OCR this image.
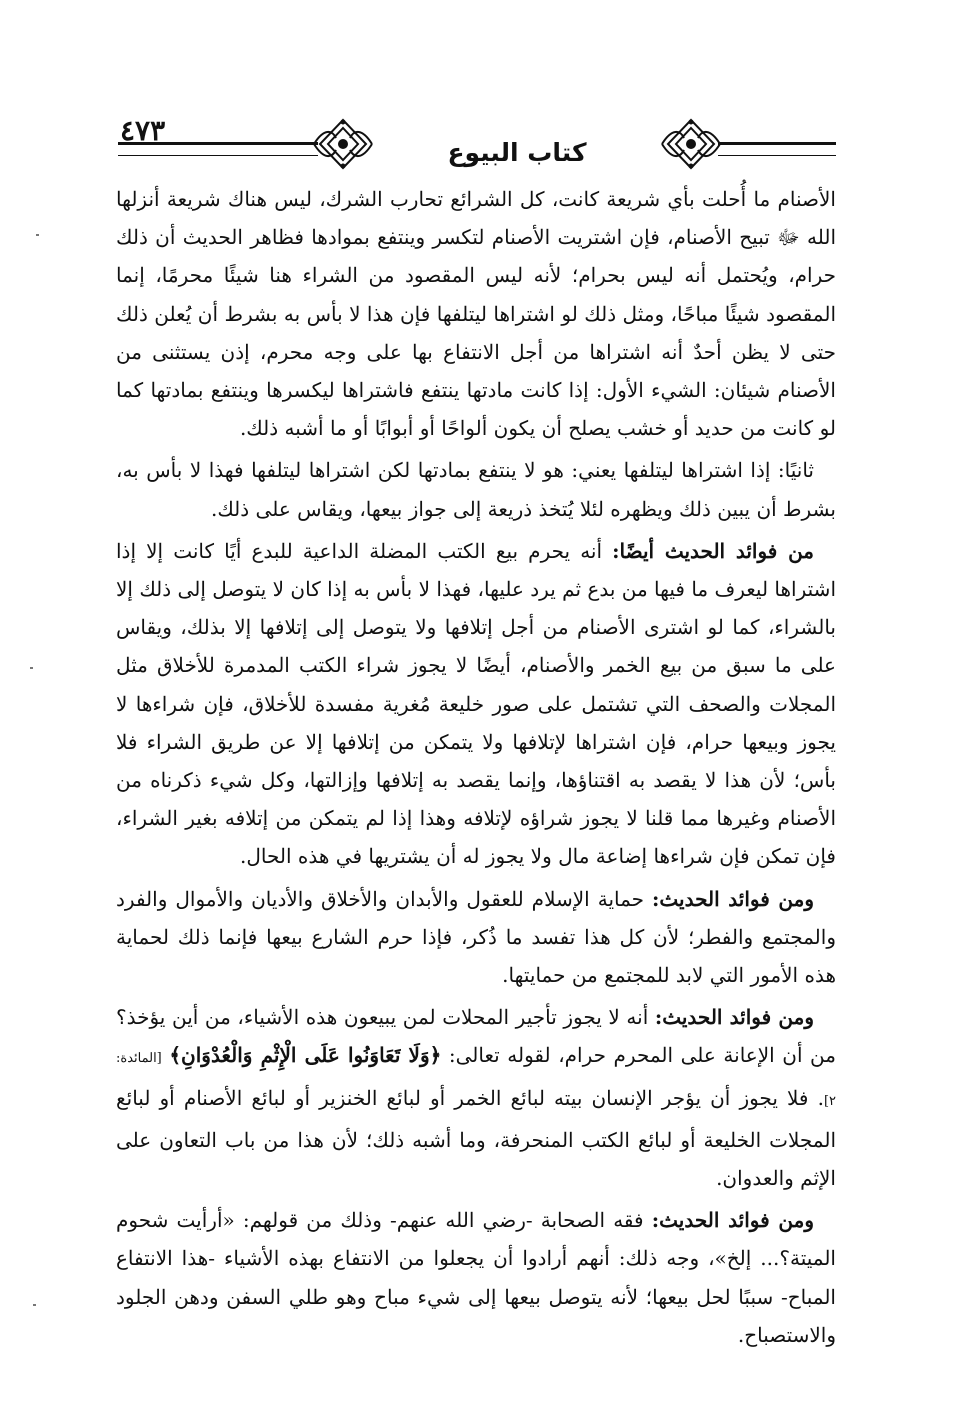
٤٧٣
كتاب البيوع

الأصنام ما أُحلت بأي شريعة كانت، كل الشرائع تحارب الشرك، ليس هناك شريعة أنزلها الله ﷻ تبيح الأصنام، فإن اشتريت الأصنام لتكسر وينتفع بموادها فظاهر الحديث أن ذلك حرام، ويُحتمل أنه ليس بحرام؛ لأنه ليس المقصود من الشراء هنا شيئًا محرمًا، إنما المقصود شيئًا مباحًا، ومثل ذلك لو اشتراها ليتلفها فإن هذا لا بأس به بشرط أن يُعلن ذلك حتى لا يظن أحدٌ أنه اشتراها من أجل الانتفاع بها على وجه محرم، إذن يستثنى من الأصنام شيئان: الشيء الأول: إذا كانت مادتها ينتفع فاشتراها ليكسرها وينتفع بمادتها كما لو كانت من حديد أو خشب يصلح أن يكون ألواحًا أو أبوابًا أو ما أشبه ذلك.

ثانيًا: إذا اشتراها ليتلفها يعني: هو لا ينتفع بمادتها لكن اشتراها ليتلفها فهذا لا بأس به، بشرط أن يبين ذلك ويظهره لئلا يُتخذ ذريعة إلى جواز بيعها، ويقاس على ذلك.

من فوائد الحديث أيضًا: أنه يحرم بيع الكتب المضلة الداعية للبدع أيًا كانت إلا إذا اشتراها ليعرف ما فيها من بدع ثم يرد عليها، فهذا لا بأس به إذا كان لا يتوصل إلى ذلك إلا بالشراء، كما لو اشترى الأصنام من أجل إتلافها ولا يتوصل إلى إتلافها إلا بذلك، ويقاس على ما سبق من بيع الخمر والأصنام، أيضًا لا يجوز شراء الكتب المدمرة للأخلاق مثل المجلات والصحف التي تشتمل على صور خليعة مُغرية مفسدة للأخلاق، فإن شراءها لا يجوز وبيعها حرام، فإن اشتراها لإتلافها ولا يتمكن من إتلافها إلا عن طريق الشراء فلا بأس؛ لأن هذا لا يقصد به اقتناؤها، وإنما يقصد به إتلافها وإزالتها، وكل شيء ذكرناه من الأصنام وغيرها مما قلنا لا يجوز شراؤه لإتلافه وهذا إذا لم يتمكن من إتلافه بغير الشراء، فإن تمكن فإن شراءها إضاعة مال ولا يجوز له أن يشتريها في هذه الحال.

ومن فوائد الحديث: حماية الإسلام للعقول والأبدان والأخلاق والأديان والأموال والفرد والمجتمع والفطر؛ لأن كل هذا تفسد ما ذُكر، فإذا حرم الشارع بيعها فإنما ذلك لحماية هذه الأمور التي لابد للمجتمع من حمايتها.

ومن فوائد الحديث: أنه لا يجوز تأجير المحلات لمن يبيعون هذه الأشياء، من أين يؤخذ؟ من أن الإعانة على المحرم حرام، لقوله تعالى: ﴿وَلَا تَعَاوَنُوا عَلَى الْإِثْمِ وَالْعُدْوَانِ﴾ [المائدة: ٢]. فلا يجوز أن يؤجر الإنسان بيته لبائع الخمر أو لبائع الخنزير أو لبائع الأصنام أو لبائع المجلات الخليعة أو لبائع الكتب المنحرفة، وما أشبه ذلك؛ لأن هذا من باب التعاون على الإثم والعدوان.

ومن فوائد الحديث: فقه الصحابة -رضي الله عنهم- وذلك من قولهم: «أرأيت شحوم الميتة؟... إلخ»، وجه ذلك: أنهم أرادوا أن يجعلوا من الانتفاع بهذه الأشياء -هذا الانتفاع المباح- سببًا لحل بيعها؛ لأنه يتوصل بيعها إلى شيء مباح وهو طلي السفن ودهن الجلود والاستصباح.
